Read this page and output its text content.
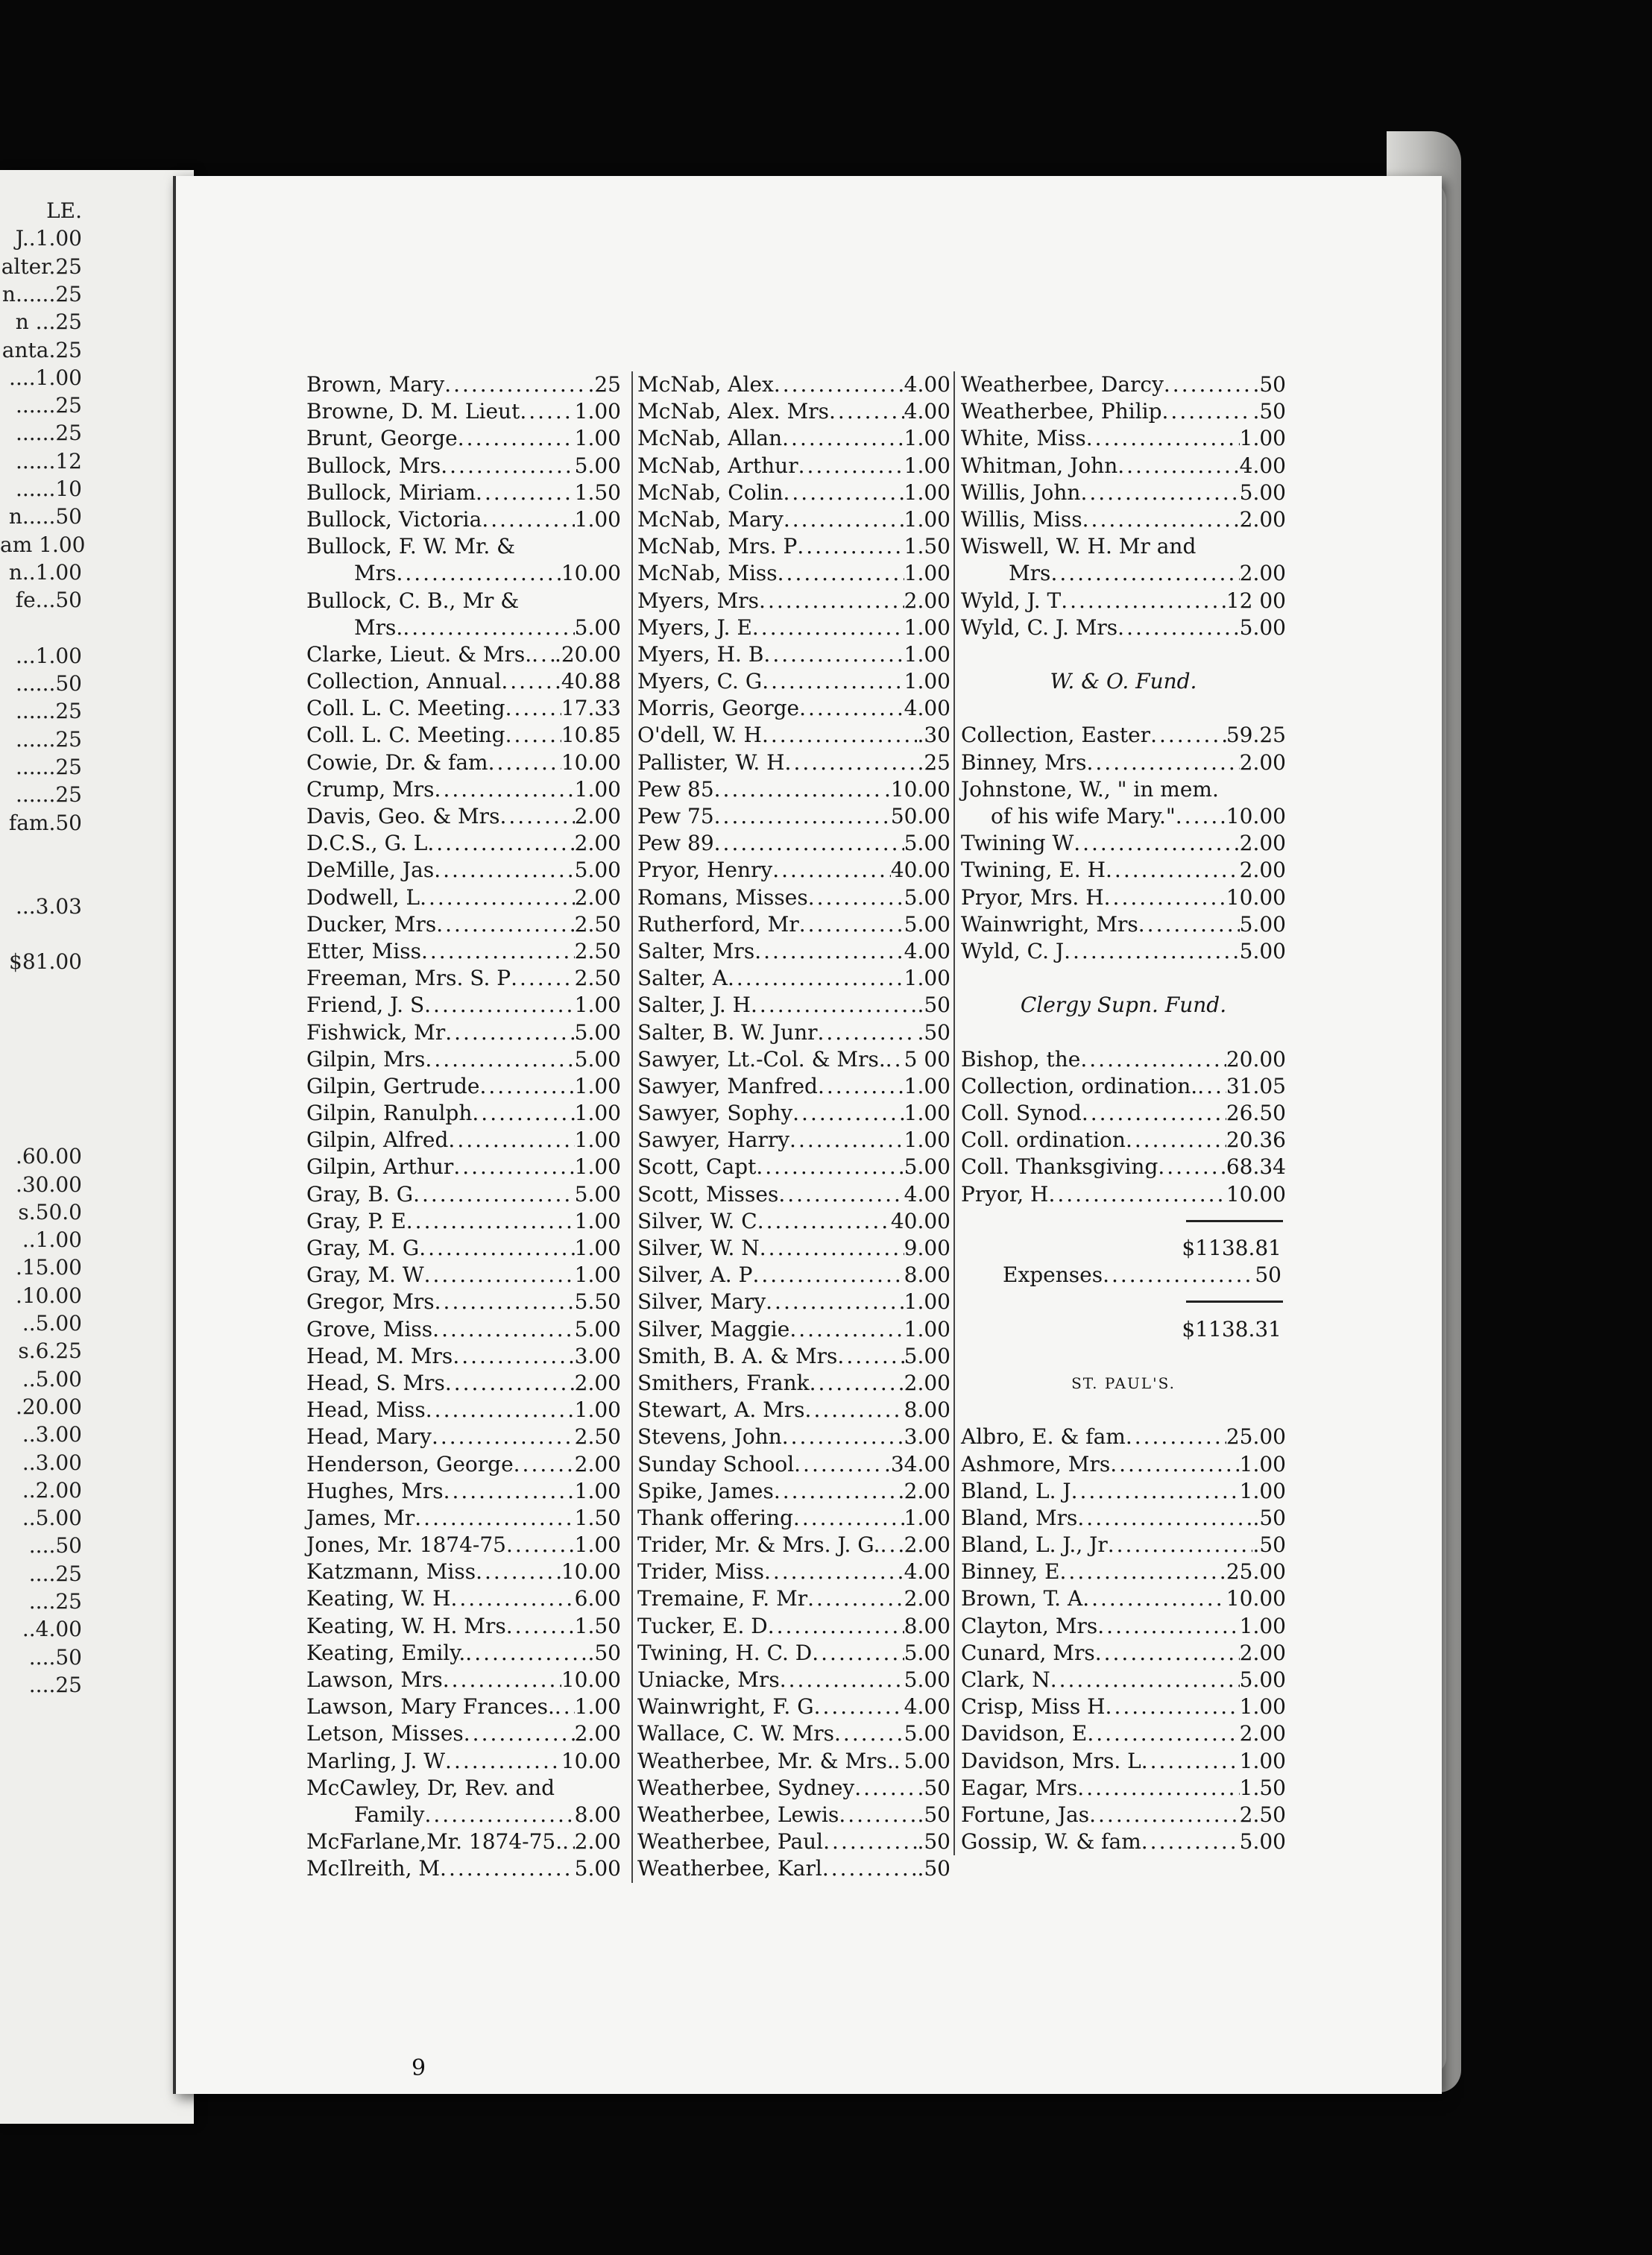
LE.
J..1.00
alter.25
n......25
n ...25
anta.25
....1.00
......25
......25
......12
......10
n.....50
am 1.00
n..1.00
fe...50
...1.00
......50
......25
......25
......25
......25
fam.50
...3.03
$81.00
.60.00
.30.00
s.50.0
..1.00
.15.00
.10.00
..5.00
s.6.25
..5.00
.20.00
..3.00
..3.00
..2.00
..5.00
....50
....25
....25
..4.00
....50
....25
Brown, Mary .....	.25
Browne, D. M. Lieut .....	1.00
Brunt, George .....	1.00
Bullock, Mrs .....	5.00
Bullock, Miriam .....	1.50
Bullock, Victoria .....	1.00
Bullock, F. W. Mr. &
Mrs .....	10.00
Bullock, C. B., Mr &
Mrs. .....	5.00
Clarke, Lieut. & Mrs. ..... .20.00
Collection, Annual .....	.40.88
Coll. L. C. Meeting .....	17.33
Coll. L. C. Meeting .....	10.85
Cowie, Dr. & fam .....	10.00
Crump, Mrs .....	1.00
Davis, Geo. & Mrs .....	2.00
D.C.S., G. L .....	2.00
DeMille, Jas .....	5.00
Dodwell, L .....	2.00
Ducker, Mrs .....	2.50
Etter, Miss .....	2.50
Freeman, Mrs. S. P .....	2.50
Friend, J. S .....	1.00
Fishwick, Mr .....	5.00
Gilpin, Mrs .....	5.00
Gilpin, Gertrude .....	1.00
Gilpin, Ranulph .....	1.00
Gilpin, Alfred .....	1.00
Gilpin, Arthur .....	1.00
Gray, B. G .....	5.00
Gray, P. E .....	1.00
Gray, M. G .....	1.00
Gray, M. W .....	1.00
Gregor, Mrs .....	5.50
Grove, Miss .....	5.00
Head, M. Mrs .....	3.00
Head, S. Mrs .....	2.00
Head, Miss .....	1.00
Head, Mary .....	2.50
Henderson, George .....	2.00
Hughes, Mrs .....	1.00
James, Mr .....	1.50
Jones, Mr. 1874-75 .....	1.00
Katzmann, Miss .....	10.00
Keating, W. H .....	6.00
Keating, W. H. Mrs .....	1.50
Keating, Emily. .....	.50
Lawson, Mrs .....	10.00
Lawson, Mary Frances. ..... 1.00
Letson, Misses .....	2.00
Marling, J. W .....	10.00
McCawley, Dr, Rev. and
Family .....	8.00
McFarlane,Mr. 1874-75. ..... 2.00
McIlreith, M .....	5.00
McNab, Alex .....	4.00
McNab, Alex. Mrs .....	4.00
McNab, Allan .....	1.00
McNab, Arthur .....	1.00
McNab, Colin .....	1.00
McNab, Mary .....	1.00
McNab, Mrs. P .....	1.50
McNab, Miss .....	1.00
Myers, Mrs .....	2.00
Myers, J. E .....	1.00
Myers, H. B .....	1.00
Myers, C. G .....	1.00
Morris, George .....	4.00
O'dell, W. H .....	.30
Pallister, W. H .....	.25
Pew 85 .....	.10.00
Pew 75 .....	50.00
Pew 89 .....	5.00
Pryor, Henry .....	40.00
Romans, Misses .....	5.00
Rutherford, Mr .....	5.00
Salter, Mrs .....	4.00
Salter, A .....	1.00
Salter, J. H .....	.50
Salter, B. W. Junr .....	.50
Sawyer, Lt.-Col. & Mrs. ..... 5 00
Sawyer, Manfred .....	1.00
Sawyer, Sophy .....	1.00
Sawyer, Harry .....	1.00
Scott, Capt .....	5.00
Scott, Misses .....	4.00
Silver, W. C .....	40.00
Silver, W. N .....	9.00
Silver, A. P .....	8.00
Silver, Mary .....	1.00
Silver, Maggie .....	1.00
Smith, B. A. & Mrs .....	5.00
Smithers, Frank .....	2.00
Stewart, A. Mrs .....	8.00
Stevens, John .....	3.00
Sunday School .....	.34.00
Spike, James .....	2.00
Thank offering .....	1.00
Trider, Mr. & Mrs. J. G. ..... 2.00
Trider, Miss .....	4.00
Tremaine, F. Mr .....	2.00
Tucker, E. D .....	8.00
Twining, H. C. D .....	5.00
Uniacke, Mrs .....	5.00
Wainwright, F. G .....	4.00
Wallace, C. W. Mrs .....	5.00
Weatherbee, Mr. & Mrs. ..... 5.00
Weatherbee, Sydney .....	.50
Weatherbee, Lewis .....	.50
Weatherbee, Paul .....	.50
Weatherbee, Karl .....	.50
Weatherbee, Darcy .....	.50
Weatherbee, Philip .....	.50
White, Miss .....	1.00
Whitman, John .....	4.00
Willis, John .....	5.00
Willis, Miss .....	2.00
Wiswell, W. H. Mr and
Mrs .....	2.00
Wyld, J. T .....	12 00
Wyld, C. J. Mrs .....	5.00
W. & O. Fund.
Collection, Easter .....	59.25
Binney, Mrs .....	2.00
Johnstone, W., " in mem.
of his wife Mary." ..... .10.00
Twining W .....	2.00
Twining, E. H .....	2.00
Pryor, Mrs. H .....	10.00
Wainwright, Mrs .....	5.00
Wyld, C. J .....	5.00
Clergy Supn. Fund.
Bishop, the .....	20.00
Collection, ordination. ..... 31.05
Coll. Synod .....	26.50
Coll. ordination .....	20.36
Coll. Thanksgiving .....	68.34
Pryor, H .....	10.00
$1138.81
Expenses .....	50
$1138.31
ST. PAUL'S.
Albro, E. & fam .....	25.00
Ashmore, Mrs .....	1.00
Bland, L. J .....	1.00
Bland, Mrs .....	.50
Bland, L. J., Jr .....	.50
Binney, E .....	25.00
Brown, T. A .....	10.00
Clayton, Mrs .....	1.00
Cunard, Mrs .....	2.00
Clark, N .....	5.00
Crisp, Miss H .....	1.00
Davidson, E .....	2.00
Davidson, Mrs. L .....	1.00
Eagar, Mrs .....	1.50
Fortune, Jas .....	2.50
Gossip, W. & fam .....	5.00
9
